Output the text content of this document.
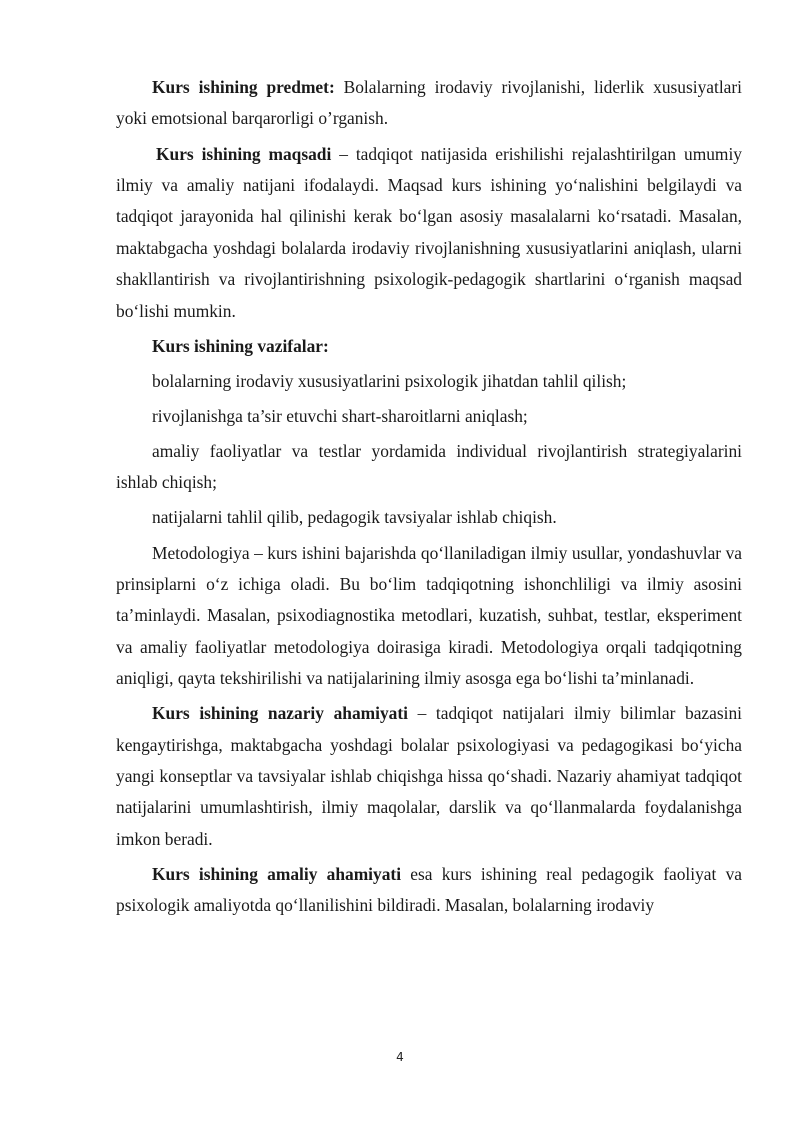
Kurs ishining predmet: Bolalarning irodaviy rivojlanishi, liderlik xususiyatlari yoki emotsional barqarorligi o’rganish.

Kurs ishining maqsadi – tadqiqot natijasida erishilishi rejalashtirilgan umumiy ilmiy va amaliy natijani ifodalaydi. Maqsad kurs ishining yo‘nalishini belgilaydi va tadqiqot jarayonida hal qilinishi kerak bo‘lgan asosiy masalalarni ko‘rsatadi. Masalan, maktabgacha yoshdagi bolalarda irodaviy rivojlanishning xususiyatlarini aniqlash, ularni shakllantirish va rivojlantirishning psixologik-pedagogik shartlarini o‘rganish maqsad bo‘lishi mumkin.

Kurs ishining vazifalar:

bolalarning irodaviy xususiyatlarini psixologik jihatdan tahlil qilish;

rivojlanishga ta’sir etuvchi shart-sharoitlarni aniqlash;

amaliy faoliyatlar va testlar yordamida individual rivojlantirish strategiyalarini ishlab chiqish;

natijalarni tahlil qilib, pedagogik tavsiyalar ishlab chiqish.

Metodologiya – kurs ishini bajarishda qo‘llaniladigan ilmiy usullar, yondashuvlar va prinsiplarni o‘z ichiga oladi. Bu bo‘lim tadqiqotning ishonchliligi va ilmiy asosini ta’minlaydi. Masalan, psixodiagnostika metodlari, kuzatish, suhbat, testlar, eksperiment va amaliy faoliyatlar metodologiya doirasiga kiradi. Metodologiya orqali tadqiqotning aniqligi, qayta tekshirilishi va natijalarining ilmiy asosga ega bo‘lishi ta’minlanadi.

Kurs ishining nazariy ahamiyati – tadqiqot natijalari ilmiy bilimlar bazasini kengaytirishga, maktabgacha yoshdagi bolalar psixologiyasi va pedagogikasi bo‘yicha yangi konseptlar va tavsiyalar ishlab chiqishga hissa qo‘shadi. Nazariy ahamiyat tadqiqot natijalarini umumlashtirish, ilmiy maqolalar, darslik va qo‘llanmalarda foydalanishga imkon beradi.

Kurs ishining amaliy ahamiyati esa kurs ishining real pedagogik faoliyat va psixologik amaliyotda qo‘llanilishini bildiradi. Masalan, bolalarning irodaviy

4
